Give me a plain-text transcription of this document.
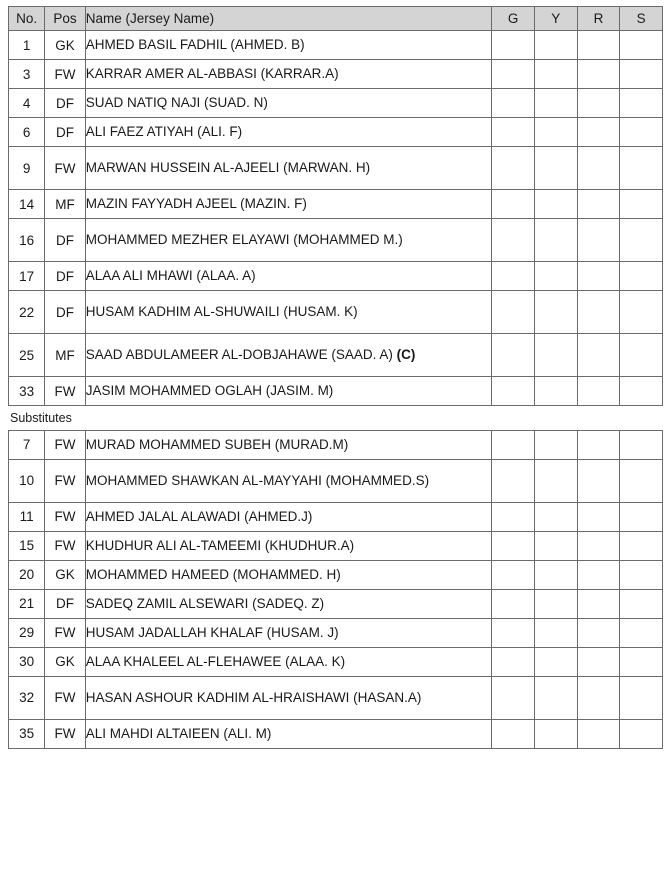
No.	Pos	Name (Jersey Name)	G	Y	R	S
1	GK	AHMED BASIL FADHIL (AHMED. B)				
3	FW	KARRAR AMER AL-ABBASI (KARRAR.A)				
4	DF	SUAD NATIQ NAJI (SUAD. N)				
6	DF	ALI FAEZ ATIYAH (ALI. F)				
9	FW	MARWAN HUSSEIN AL-AJEELI (MARWAN. H)				
14	MF	MAZIN FAYYADH AJEEL (MAZIN. F)				
16	DF	MOHAMMED MEZHER ELAYAWI (MOHAMMED M.)				
17	DF	ALAA ALI MHAWI (ALAA. A)				
22	DF	HUSAM KADHIM AL-SHUWAILI (HUSAM. K)				
25	MF	SAAD ABDULAMEER AL-DOBJAHAWE (SAAD. A) (C)				
33	FW	JASIM MOHAMMED OGLAH (JASIM. M)				
Substitutes
7	FW	MURAD MOHAMMED SUBEH (MURAD.M)				
10	FW	MOHAMMED SHAWKAN AL-MAYYAHI (MOHAMMED.S)				
11	FW	AHMED JALAL ALAWADI (AHMED.J)				
15	FW	KHUDHUR ALI AL-TAMEEMI (KHUDHUR.A)				
20	GK	MOHAMMED HAMEED (MOHAMMED. H)				
21	DF	SADEQ ZAMIL ALSEWARI (SADEQ. Z)				
29	FW	HUSAM JADALLAH KHALAF (HUSAM. J)				
30	GK	ALAA KHALEEL AL-FLEHAWEE (ALAA. K)				
32	FW	HASAN ASHOUR KADHIM AL-HRAISHAWI (HASAN.A)				
35	FW	ALI MAHDI ALTAIEEN (ALI. M)				
